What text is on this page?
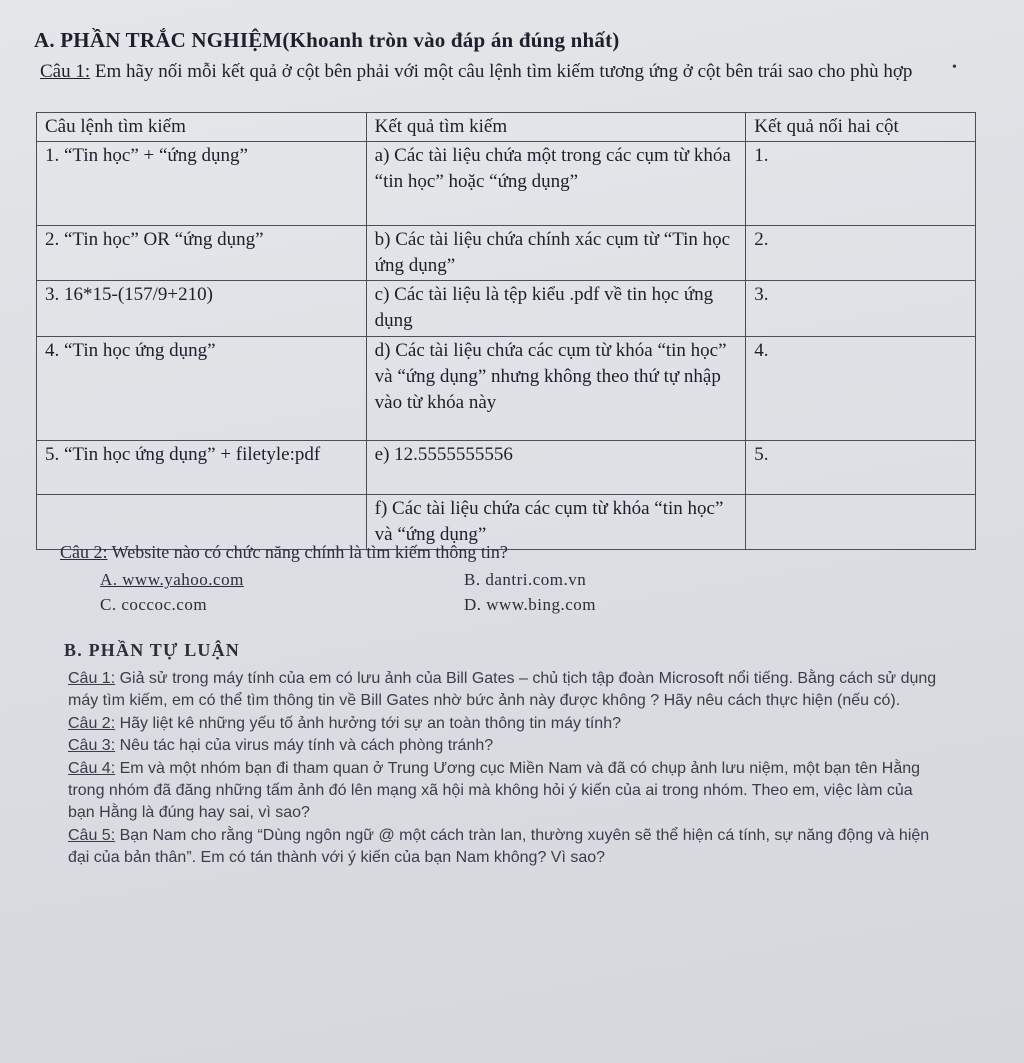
A. PHẦN TRẮC NGHIỆM(Khoanh tròn vào đáp án đúng nhất)
Câu 1: Em hãy nối mỗi kết quả ở cột bên phải với một câu lệnh tìm kiếm tương ứng ở cột bên trái sao cho phù hợp	•
Câu lệnh tìm kiếm	Kết quả tìm kiếm	Kết quả nối hai cột
1. “Tin học” + “ứng dụng”	a) Các tài liệu chứa một trong các cụm từ khóa “tin học” hoặc “ứng dụng”	1.
2. “Tin học” OR “ứng dụng”	b) Các tài liệu chứa chính xác cụm từ “Tin học ứng dụng”	2.
3. 16*15-(157/9+210)	c) Các tài liệu là tệp kiểu .pdf về tin học ứng dụng	3.
4. “Tin học ứng dụng”	d) Các tài liệu chứa các cụm từ khóa “tin học” và “ứng dụng” nhưng không theo thứ tự nhập vào từ khóa này	4.
5. “Tin học ứng dụng” + filetyle:pdf	e) 12.5555555556	5.
	f) Các tài liệu chứa các cụm từ khóa “tin học” và “ứng dụng”	
Câu 2: Website nào có chức năng chính là tìm kiếm thông tin?
A. www.yahoo.com	B. dantri.com.vn
C. coccoc.com	D. www.bing.com
B. PHẦN TỰ LUẬN

Câu 1: Giả sử trong máy tính của em có lưu ảnh của Bill Gates – chủ tịch tập đoàn Microsoft nổi tiếng. Bằng cách sử dụng máy tìm kiếm, em có thể tìm thông tin về Bill Gates nhờ bức ảnh này được không ? Hãy nêu cách thực hiện (nếu có).

Câu 2: Hãy liệt kê những yếu tố ảnh hưởng tới sự an toàn thông tin máy tính?

Câu 3: Nêu tác hại của virus máy tính và cách phòng tránh?

Câu 4: Em và một nhóm bạn đi tham quan ở Trung Ương cục Miền Nam và đã có chụp ảnh lưu niệm, một bạn tên Hằng trong nhóm đã đăng những tấm ảnh đó lên mạng xã hội mà không hỏi ý kiến của ai trong nhóm. Theo em, việc làm của bạn Hằng là đúng hay sai, vì sao?

Câu 5: Bạn Nam cho rằng “Dùng ngôn ngữ @ một cách tràn lan, thường xuyên sẽ thể hiện cá tính, sự năng động và hiện đại của bản thân”. Em có tán thành với ý kiến của bạn Nam không? Vì sao?
